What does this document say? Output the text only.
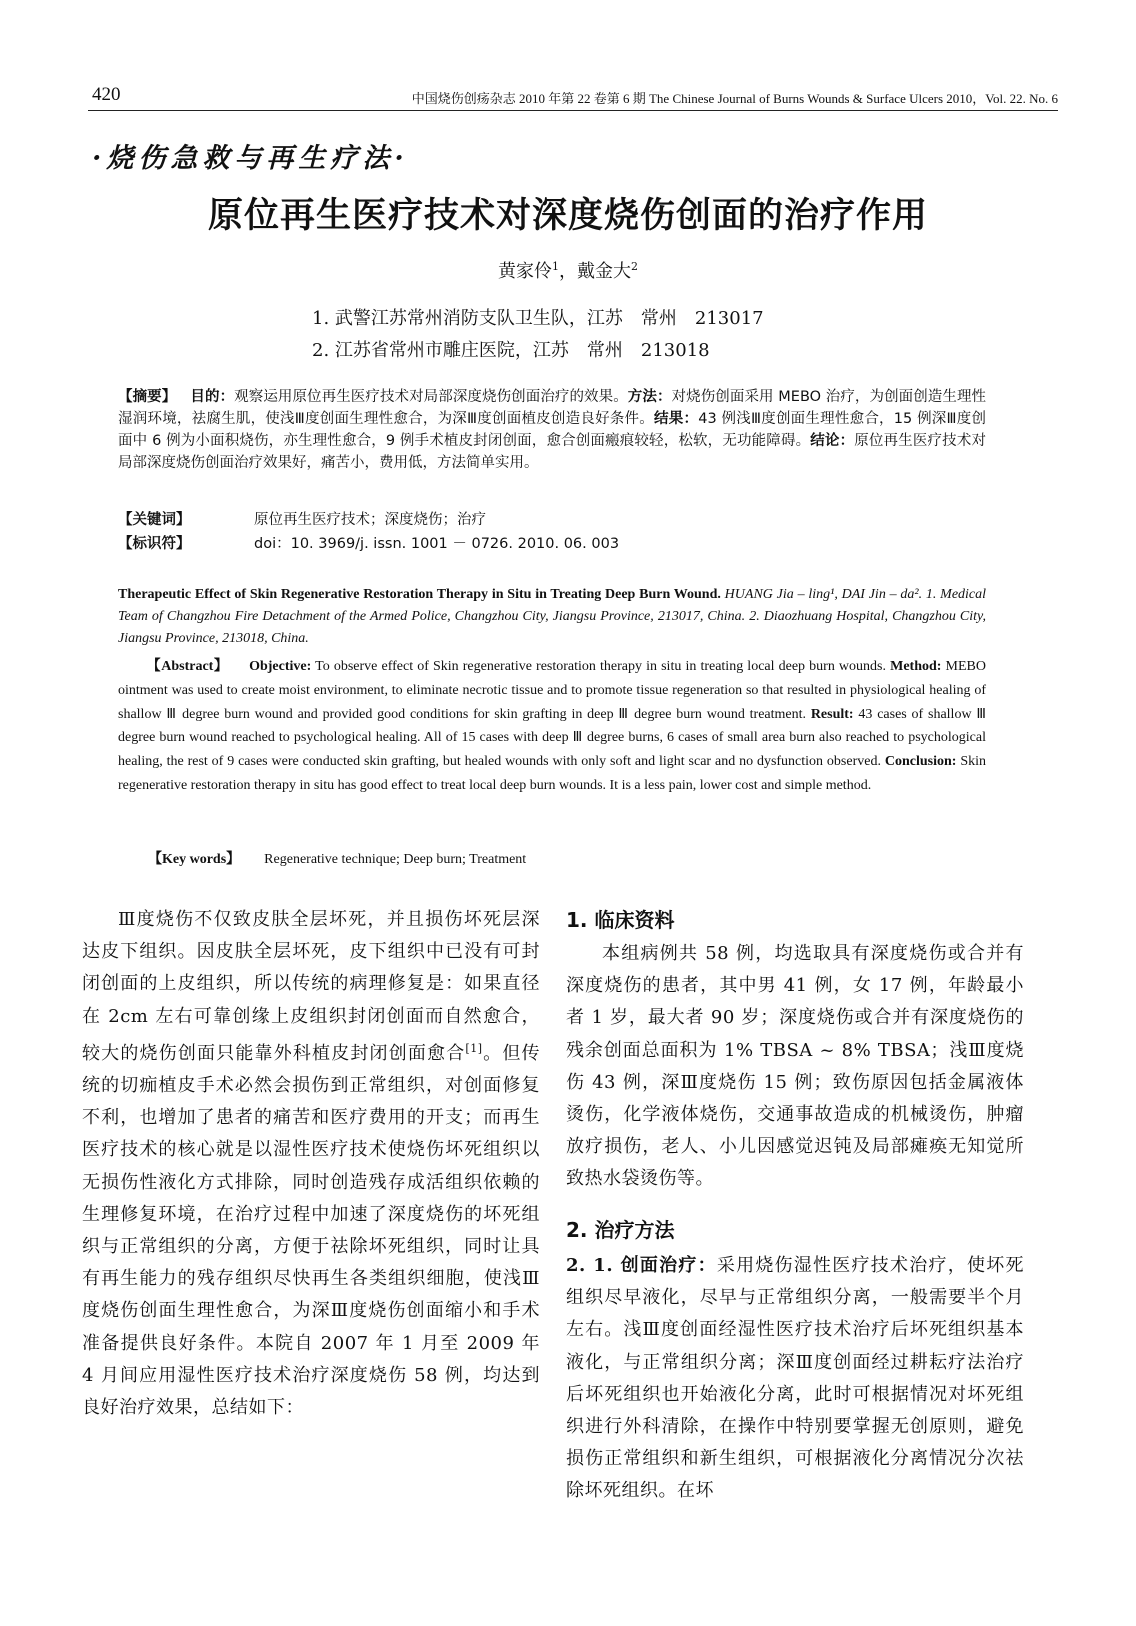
420	中国烧伤创疡杂志 2010 年第 22 卷第 6 期 The Chinese Journal of Burns Wounds & Surface Ulcers 2010，Vol. 22. No. 6
·烧伤急救与再生疗法·
原位再生医疗技术对深度烧伤创面的治疗作用
黄家伶$^1$，戴金大$^2$
1. 武警江苏常州消防支队卫生队，江苏　常州　213017
2. 江苏省常州市雕庄医院，江苏　常州　213018
【摘要】 目的：观察运用原位再生医疗技术对局部深度烧伤创面治疗的效果。方法：对烧伤创面采用 MEBO 治疗，为创面创造生理性湿润环境，祛腐生肌，使浅Ⅲ度创面生理性愈合，为深Ⅲ度创面植皮创造良好条件。结果：43 例浅Ⅲ度创面生理性愈合，15 例深Ⅲ度创面中 6 例为小面积烧伤，亦生理性愈合，9 例手术植皮封闭创面，愈合创面瘢痕较轻，松软，无功能障碍。结论：原位再生医疗技术对局部深度烧伤创面治疗效果好，痛苦小，费用低，方法简单实用。
【关键词】	原位再生医疗技术；深度烧伤；治疗
【标识符】	doi：10. 3969/j. issn. 1001 － 0726. 2010. 06. 003
Therapeutic Effect of Skin Regenerative Restoration Therapy in Situ in Treating Deep Burn Wound. HUANG Jia – ling¹, DAI Jin – da². 1. Medical Team of Changzhou Fire Detachment of the Armed Police, Changzhou City, Jiangsu Province, 213017, China. 2. Diaozhuang Hospital, Changzhou City, Jiangsu Province, 213018, China.
【Abstract】 Objective: To observe effect of Skin regenerative restoration therapy in situ in treating local deep burn wounds. Method: MEBO ointment was used to create moist environment, to eliminate necrotic tissue and to promote tissue regeneration so that resulted in physiological healing of shallow Ⅲ degree burn wound and provided good conditions for skin grafting in deep Ⅲ degree burn wound treatment. Result: 43 cases of shallow Ⅲ degree burn wound reached to psychological healing. All of 15 cases with deep Ⅲ degree burns, 6 cases of small area burn also reached to psychological healing, the rest of 9 cases were conducted skin grafting, but healed wounds with only soft and light scar and no dysfunction observed. Conclusion: Skin regenerative restoration therapy in situ has good effect to treat local deep burn wounds. It is a less pain, lower cost and simple method.
【Key words】 Regenerative technique; Deep burn; Treatment

Ⅲ度烧伤不仅致皮肤全层坏死，并且损伤坏死层深达皮下组织。因皮肤全层坏死，皮下组织中已没有可封闭创面的上皮组织，所以传统的病理修复是：如果直径在 2cm 左右可靠创缘上皮组织封闭创面而自然愈合，较大的烧伤创面只能靠外科植皮封闭创面愈合[1]。但传统的切痂植皮手术必然会损伤到正常组织，对创面修复不利，也增加了患者的痛苦和医疗费用的开支；而再生医疗技术的核心就是以湿性医疗技术使烧伤坏死组织以无损伤性液化方式排除，同时创造残存成活组织依赖的生理修复环境，在治疗过程中加速了深度烧伤的坏死组织与正常组织的分离，方便于祛除坏死组织，同时让具有再生能力的残存组织尽快再生各类组织细胞，使浅Ⅲ度烧伤创面生理性愈合，为深Ⅲ度烧伤创面缩小和手术准备提供良好条件。本院自 2007 年 1 月至 2009 年 4 月间应用湿性医疗技术治疗深度烧伤 58 例，均达到良好治疗效果，总结如下：

1. 临床资料

本组病例共 58 例，均选取具有深度烧伤或合并有深度烧伤的患者，其中男 41 例，女 17 例，年龄最小者 1 岁，最大者 90 岁；深度烧伤或合并有深度烧伤的残余创面总面积为 1% TBSA ~ 8% TBSA；浅Ⅲ度烧伤 43 例，深Ⅲ度烧伤 15 例；致伤原因包括金属液体烫伤，化学液体烧伤，交通事故造成的机械烫伤，肿瘤放疗损伤，老人、小儿因感觉迟钝及局部瘫痪无知觉所致热水袋烫伤等。

2. 治疗方法

2. 1. 创面治疗：采用烧伤湿性医疗技术治疗，使坏死组织尽早液化，尽早与正常组织分离，一般需要半个月左右。浅Ⅲ度创面经湿性医疗技术治疗后坏死组织基本液化，与正常组织分离；深Ⅲ度创面经过耕耘疗法治疗后坏死组织也开始液化分离，此时可根据情况对坏死组织进行外科清除，在操作中特别要掌握无创原则，避免损伤正常组织和新生组织，可根据液化分离情况分次祛除坏死组织。在坏
